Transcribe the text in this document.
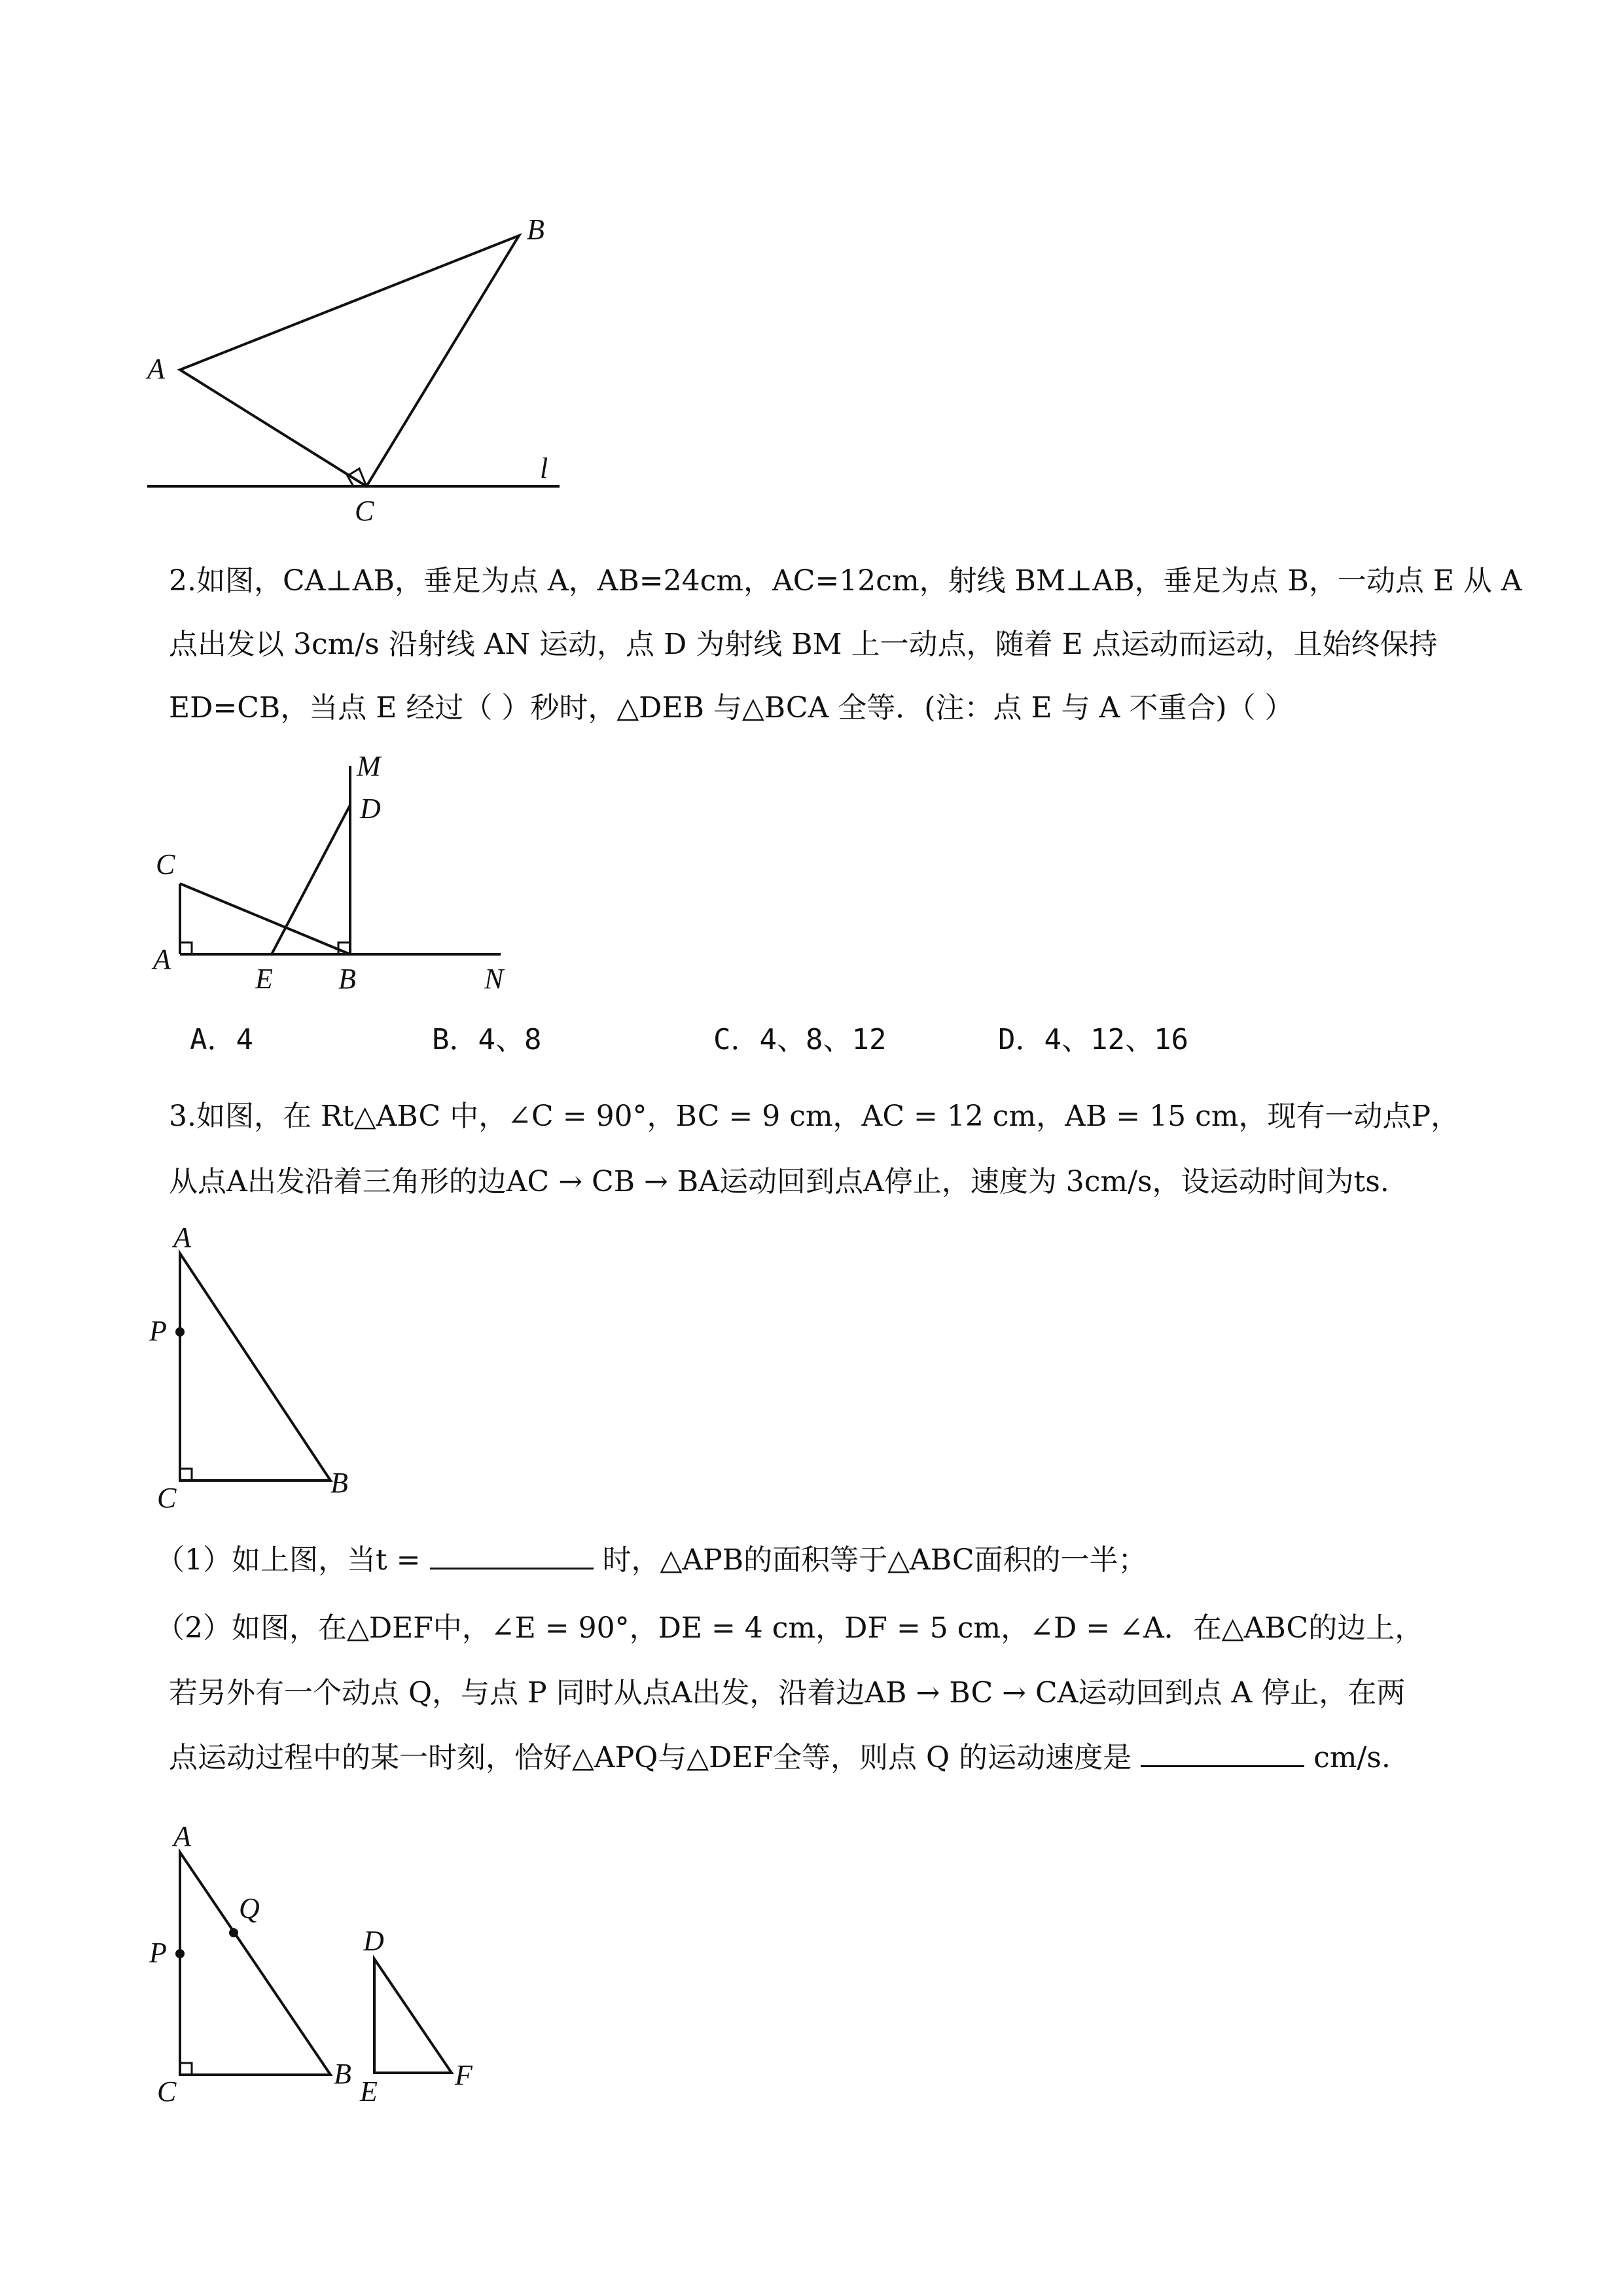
B
A
C
l
2.如图，CA⊥AB，垂足为点 A，AB=24cm，AC=12cm，射线 BM⊥AB，垂足为点 B，一动点 E 从 A
点出发以 3cm/s 沿射线 AN 运动，点 D 为射线 BM 上一动点，随着 E 点运动而运动，且始终保持
ED=CB，当点 E 经过（ ）秒时，△DEB 与△BCA 全等．(注：点 E 与 A 不重合)（ ）
M
D
C
A
E B	N
A．4	B．4、8	C．4、8、12	D．4、12、16
3.如图，在 Rt△ABC 中，∠C = 90°，BC = 9 cm，AC = 12 cm，AB = 15 cm，现有一动点P，
从点A出发沿着三角形的边AC → CB → BA运动回到点A停止，速度为 3cm/s，设运动时间为ts.
A
P
C	B
（1）如上图，当t =	时，△APB的面积等于△ABC面积的一半；
（2）如图，在△DEF中，∠E = 90°，DE = 4 cm，DF = 5 cm，∠D = ∠A．在△ABC的边上，
若另外有一个动点 Q，与点 P 同时从点A出发，沿着边AB → BC → CA运动回到点 A 停止，在两
点运动过程中的某一时刻，恰好△APQ与△DEF全等，则点 Q 的运动速度是	cm/s.
A
Q
P
C
B
D
E
F
